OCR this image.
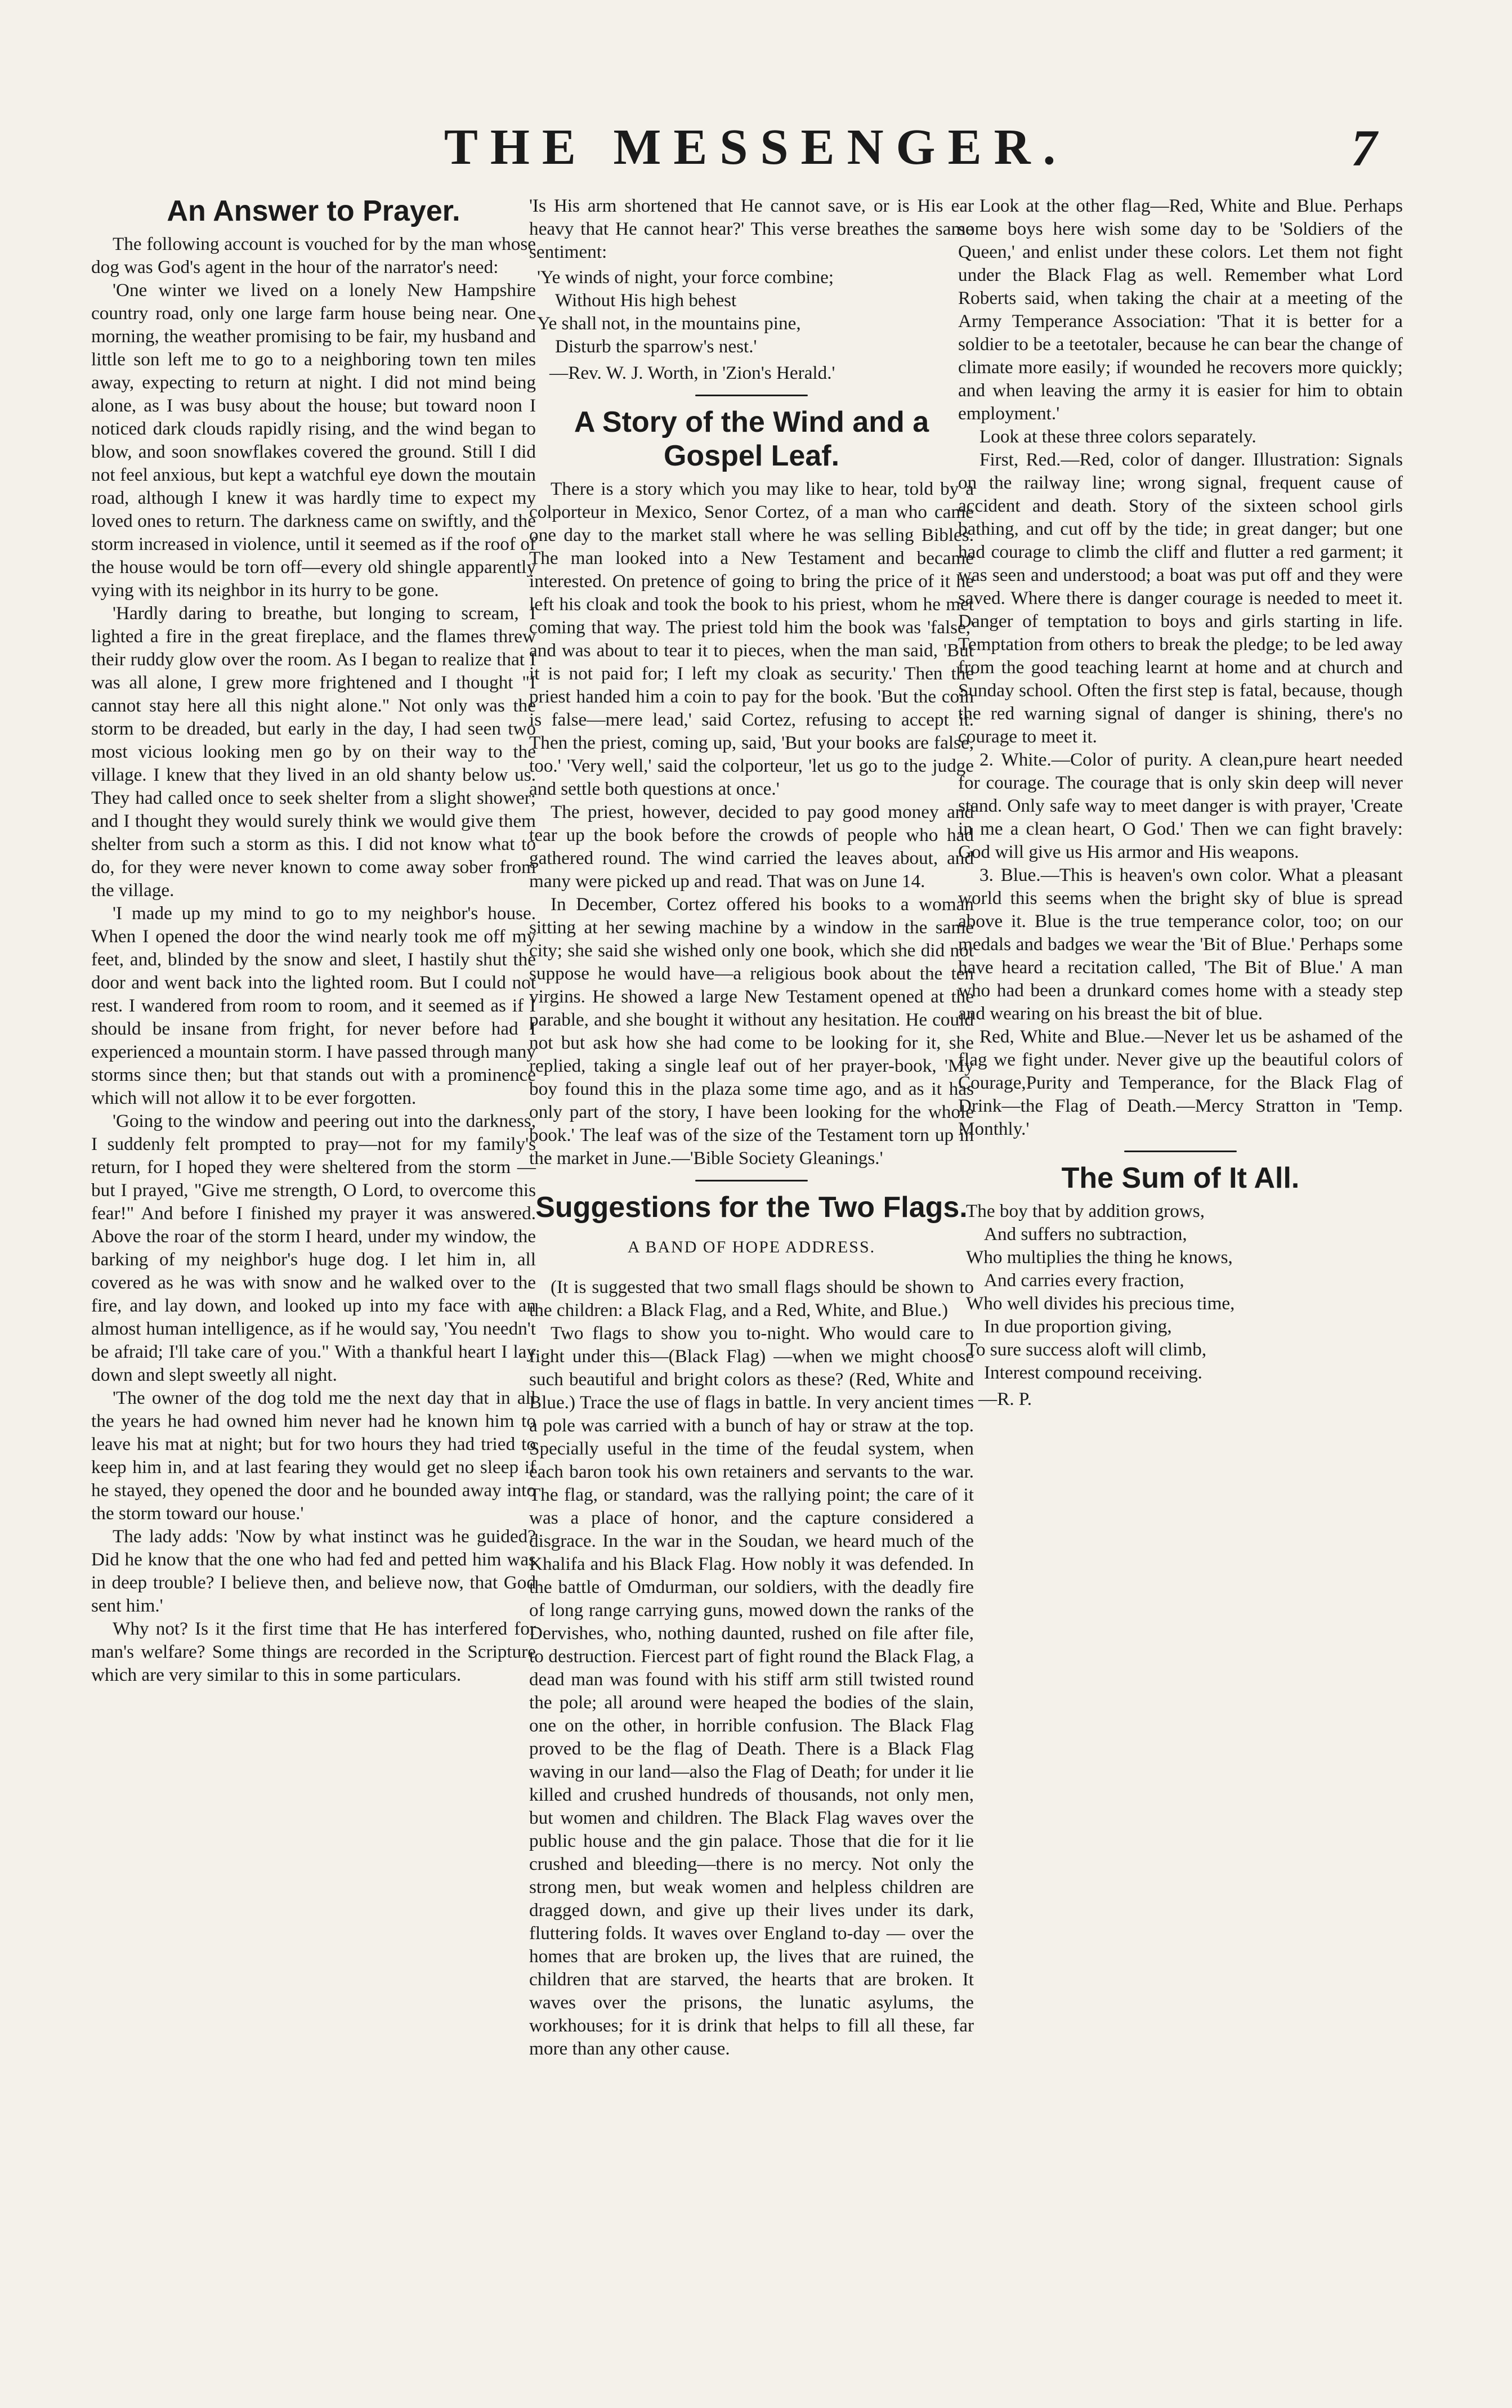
THE MESSENGER.	7
An Answer to Prayer.

The following account is vouched for by the man whose dog was God's agent in the hour of the narrator's need:

'One winter we lived on a lonely New Hampshire country road, only one large farm house being near. One morning, the weather promising to be fair, my husband and little son left me to go to a neighboring town ten miles away, expecting to return at night. I did not mind being alone, as I was busy about the house; but toward noon I noticed dark clouds rapidly rising, and the wind began to blow, and soon snowflakes covered the ground. Still I did not feel anxious, but kept a watchful eye down the moutain road, although I knew it was hardly time to expect my loved ones to return. The darkness came on swiftly, and the storm increased in violence, until it seemed as if the roof of the house would be torn off—every old shingle apparently vying with its neighbor in its hurry to be gone.

'Hardly daring to breathe, but longing to scream, I lighted a fire in the great fireplace, and the flames threw their ruddy glow over the room. As I began to realize that I was all alone, I grew more frightened and I thought "I cannot stay here all this night alone." Not only was the storm to be dreaded, but early in the day, I had seen two most vicious looking men go by on their way to the village. I knew that they lived in an old shanty below us. They had called once to seek shelter from a slight shower; and I thought they would surely think we would give them shelter from such a storm as this. I did not know what to do, for they were never known to come away sober from the village.

'I made up my mind to go to my neighbor's house. When I opened the door the wind nearly took me off my feet, and, blinded by the snow and sleet, I hastily shut the door and went back into the lighted room. But I could not rest. I wandered from room to room, and it seemed as if I should be insane from fright, for never before had I experienced a mountain storm. I have passed through many storms since then; but that stands out with a prominence which will not allow it to be ever forgotten.

'Going to the window and peering out into the darkness, I suddenly felt prompted to pray—not for my family's return, for I hoped they were sheltered from the storm —but I prayed, "Give me strength, O Lord, to overcome this fear!" And before I finished my prayer it was answered. Above the roar of the storm I heard, under my window, the barking of my neighbor's huge dog. I let him in, all covered as he was with snow and he walked over to the fire, and lay down, and looked up into my face with an almost human intelligence, as if he would say, 'You needn't be afraid; I'll take care of you." With a thankful heart I lay down and slept sweetly all night.

'The owner of the dog told me the next day that in all the years he had owned him never had he known him to leave his mat at night; but for two hours they had tried to keep him in, and at last fearing they would get no sleep if he stayed, they opened the door and he bounded away into the storm toward our house.'

The lady adds: 'Now by what instinct was he guided? Did he know that the one who had fed and petted him was in deep trouble? I believe then, and believe now, that God sent him.'

Why not? Is it the first time that He has interfered for man's welfare? Some things are recorded in the Scripture which are very similar to this in some particulars.

'Is His arm shortened that He cannot save, or is His ear heavy that He cannot hear?' This verse breathes the same sentiment:

'Ye winds of night, your force combine;
Without His high behest
Ye shall not, in the mountains pine,
Disturb the sparrow's nest.'

—Rev. W. J. Worth, in 'Zion's Herald.'

A Story of the Wind and a Gospel Leaf.

There is a story which you may like to hear, told by a colporteur in Mexico, Senor Cortez, of a man who came one day to the market stall where he was selling Bibles. The man looked into a New Testament and became interested. On pretence of going to bring the price of it he left his cloak and took the book to his priest, whom he met coming that way. The priest told him the book was 'false,' and was about to tear it to pieces, when the man said, 'But it is not paid for; I left my cloak as security.' Then the priest handed him a coin to pay for the book. 'But the coin is false—mere lead,' said Cortez, refusing to accept it. Then the priest, coming up, said, 'But your books are false, too.' 'Very well,' said the colporteur, 'let us go to the judge and settle both questions at once.'

The priest, however, decided to pay good money and tear up the book before the crowds of people who had gathered round. The wind carried the leaves about, and many were picked up and read. That was on June 14.

In December, Cortez offered his books to a woman sitting at her sewing machine by a window in the same city; she said she wished only one book, which she did not suppose he would have—a religious book about the ten virgins. He showed a large New Testament opened at the parable, and she bought it without any hesitation. He could not but ask how she had come to be looking for it, she replied, taking a single leaf out of her prayer-book, 'My boy found this in the plaza some time ago, and as it has only part of the story, I have been looking for the whole book.' The leaf was of the size of the Testament torn up in the market in June.—'Bible Society Gleanings.'

Suggestions for the Two Flags.
A BAND OF HOPE ADDRESS.

(It is suggested that two small flags should be shown to the children: a Black Flag, and a Red, White, and Blue.)

Two flags to show you to-night. Who would care to fight under this—(Black Flag) —when we might choose such beautiful and bright colors as these? (Red, White and Blue.) Trace the use of flags in battle. In very ancient times a pole was carried with a bunch of hay or straw at the top. Specially useful in the time of the feudal system, when each baron took his own retainers and servants to the war. The flag, or standard, was the rallying point; the care of it was a place of honor, and the capture considered a disgrace. In the war in the Soudan, we heard much of the Khalifa and his Black Flag. How nobly it was defended. In the battle of Omdurman, our soldiers, with the deadly fire of long range carrying guns, mowed down the ranks of the Dervishes, who, nothing daunted, rushed on file after file, to destruction. Fiercest part of fight round the Black Flag, a dead man was found with his stiff arm still twisted round the pole; all around were heaped the bodies of the slain, one on the other, in horrible confusion. The Black Flag proved to be the flag of Death. There is a Black Flag waving in our land—also the Flag of Death; for under it lie killed and crushed hundreds of thousands, not only men, but women and children. The Black Flag waves over the public house and the gin palace. Those that die for it lie crushed and bleeding—there is no mercy. Not only the strong men, but weak women and helpless children are dragged down, and give up their lives under its dark, fluttering folds. It waves over England to-day — over the homes that are broken up, the lives that are ruined, the children that are starved, the hearts that are broken. It waves over the prisons, the lunatic asylums, the workhouses; for it is drink that helps to fill all these, far more than any other cause.

Look at the other flag—Red, White and Blue. Perhaps some boys here wish some day to be 'Soldiers of the Queen,' and enlist under these colors. Let them not fight under the Black Flag as well. Remember what Lord Roberts said, when taking the chair at a meeting of the Army Temperance Association: 'That it is better for a soldier to be a teetotaler, because he can bear the change of climate more easily; if wounded he recovers more quickly; and when leaving the army it is easier for him to obtain employment.'

Look at these three colors separately.

First, Red.—Red, color of danger. Illustration: Signals on the railway line; wrong signal, frequent cause of accident and death. Story of the sixteen school girls bathing, and cut off by the tide; in great danger; but one had courage to climb the cliff and flutter a red garment; it was seen and understood; a boat was put off and they were saved. Where there is danger courage is needed to meet it. Danger of temptation to boys and girls starting in life. Temptation from others to break the pledge; to be led away from the good teaching learnt at home and at church and Sunday school. Often the first step is fatal, because, though the red warning signal of danger is shining, there's no courage to meet it.

2. White.—Color of purity. A clean,pure heart needed for courage. The courage that is only skin deep will never stand. Only safe way to meet danger is with prayer, 'Create in me a clean heart, O God.' Then we can fight bravely: God will give us His armor and His weapons.

3. Blue.—This is heaven's own color. What a pleasant world this seems when the bright sky of blue is spread above it. Blue is the true temperance color, too; on our medals and badges we wear the 'Bit of Blue.' Perhaps some have heard a recitation called, 'The Bit of Blue.' A man who had been a drunkard comes home with a steady step and wearing on his breast the bit of blue.

Red, White and Blue.—Never let us be ashamed of the flag we fight under. Never give up the beautiful colors of Courage,Purity and Temperance, for the Black Flag of Drink—the Flag of Death.—Mercy Stratton in 'Temp. Monthly.'

The Sum of It All.
The boy that by addition grows,
And suffers no subtraction,
Who multiplies the thing he knows,
And carries every fraction,
Who well divides his precious time,
In due proportion giving,
To sure success aloft will climb,
Interest compound receiving.

—R. P.
